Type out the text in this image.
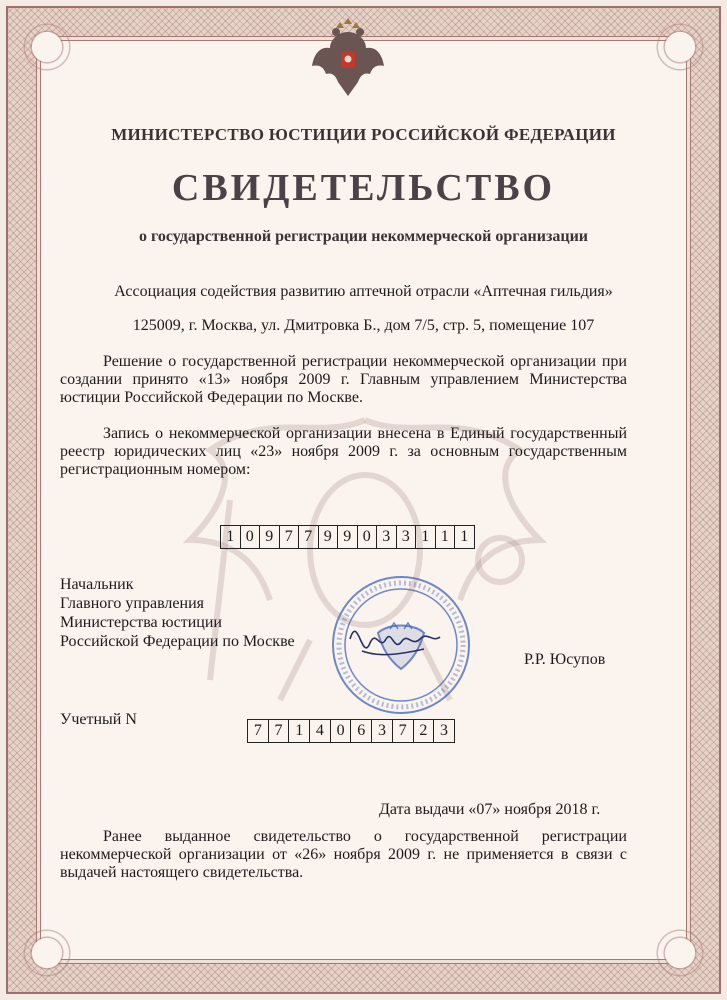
МИНИСТЕРСТВО ЮСТИЦИИ РОССИЙСКОЙ ФЕДЕРАЦИИ
СВИДЕТЕЛЬСТВО
о государственной регистрации некоммерческой организации
Ассоциация содействия развитию аптечной отрасли «Аптечная гильдия»
125009, г. Москва, ул. Дмитровка Б., дом 7/5, стр. 5, помещение 107
Решение о государственной регистрации некоммерческой организации при создании принято «13» ноября 2009 г. Главным управлением Министерства юстиции Российской Федерации по Москве.
Запись о некоммерческой организации внесена в Единый государственный реестр юридических лиц «23» ноября 2009 г. за основным государственным регистрационным номером:
1 0 9 7 7 9 9 0 3 3 1 1 1
Начальник
Главного управления
Министерства юстиции
Российской Федерации по Москве
Р.Р. Юсупов
Учетный N
7 7 1 4 0 6 3 7 2 3
Дата выдачи «07» ноября 2018 г.
Ранее выданное свидетельство о государственной регистрации некоммерческой организации от «26» ноября 2009 г. не применяется в связи с выдачей настоящего свидетельства.
